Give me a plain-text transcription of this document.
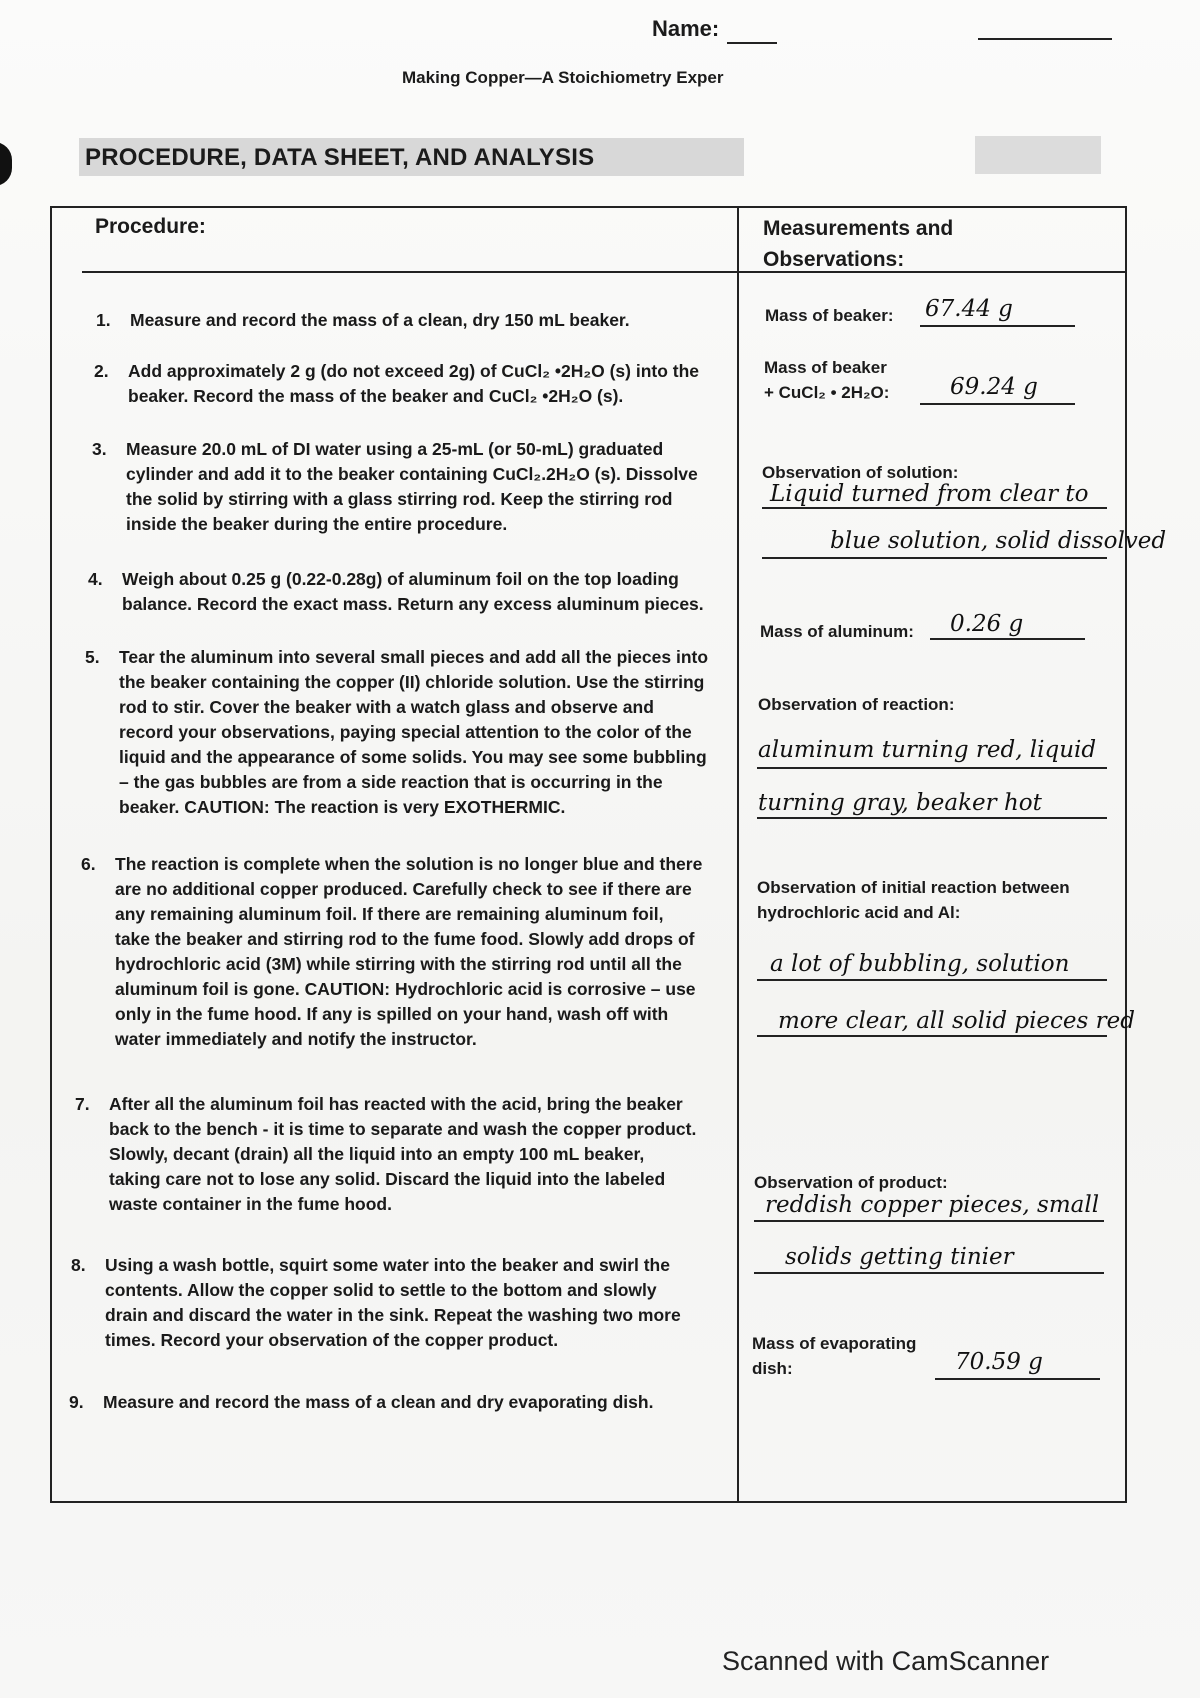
Name:
Making Copper—A Stoichiometry Exper
PROCEDURE, DATA SHEET, AND ANALYSIS
Procedure:	Measurements and
Observations:
1. Measure and record the mass of a clean, dry 150 mL beaker.
2. Add approximately 2 g (do not exceed 2g) of CuCl₂ •2H₂O (s) into the
beaker. Record the mass of the beaker and CuCl₂ •2H₂O (s).
3. Measure 20.0 mL of DI water using a 25-mL (or 50-mL) graduated
cylinder and add it to the beaker containing CuCl₂.2H₂O (s). Dissolve
the solid by stirring with a glass stirring rod. Keep the stirring rod
inside the beaker during the entire procedure.
4. Weigh about 0.25 g (0.22-0.28g) of aluminum foil on the top loading
balance. Record the exact mass. Return any excess aluminum pieces.
5. Tear the aluminum into several small pieces and add all the pieces into
the beaker containing the copper (II) chloride solution. Use the stirring
rod to stir. Cover the beaker with a watch glass and observe and
record your observations, paying special attention to the color of the
liquid and the appearance of some solids. You may see some bubbling
– the gas bubbles are from a side reaction that is occurring in the
beaker. CAUTION: The reaction is very EXOTHERMIC.
6. The reaction is complete when the solution is no longer blue and there
are no additional copper produced. Carefully check to see if there are
any remaining aluminum foil. If there are remaining aluminum foil,
take the beaker and stirring rod to the fume food. Slowly add drops of
hydrochloric acid (3M) while stirring with the stirring rod until all the
aluminum foil is gone. CAUTION: Hydrochloric acid is corrosive – use
only in the fume hood. If any is spilled on your hand, wash off with
water immediately and notify the instructor.
7. After all the aluminum foil has reacted with the acid, bring the beaker
back to the bench - it is time to separate and wash the copper product.
Slowly, decant (drain) all the liquid into an empty 100 mL beaker,
taking care not to lose any solid. Discard the liquid into the labeled
waste container in the fume hood.
8. Using a wash bottle, squirt some water into the beaker and swirl the
contents. Allow the copper solid to settle to the bottom and slowly
drain and discard the water in the sink. Repeat the washing two more
times. Record your observation of the copper product.
9. Measure and record the mass of a clean and dry evaporating dish.
Mass of beaker: 67.44 g
Mass of beaker
+ CuCl₂ • 2H₂O:	69.24 g
Observation of solution:
Liquid turned from clear to
blue solution, solid dissolved
Mass of aluminum: 0.26 g
Observation of reaction:
aluminum turning red, liquid
turning gray, beaker hot
Observation of initial reaction between
hydrochloric acid and Al:
a lot of bubbling, solution
more clear, all solid pieces red
Observation of product:
reddish copper pieces, small
solids getting tinier
Mass of evaporating
dish:	70.59 g
Scanned with CamScanner
